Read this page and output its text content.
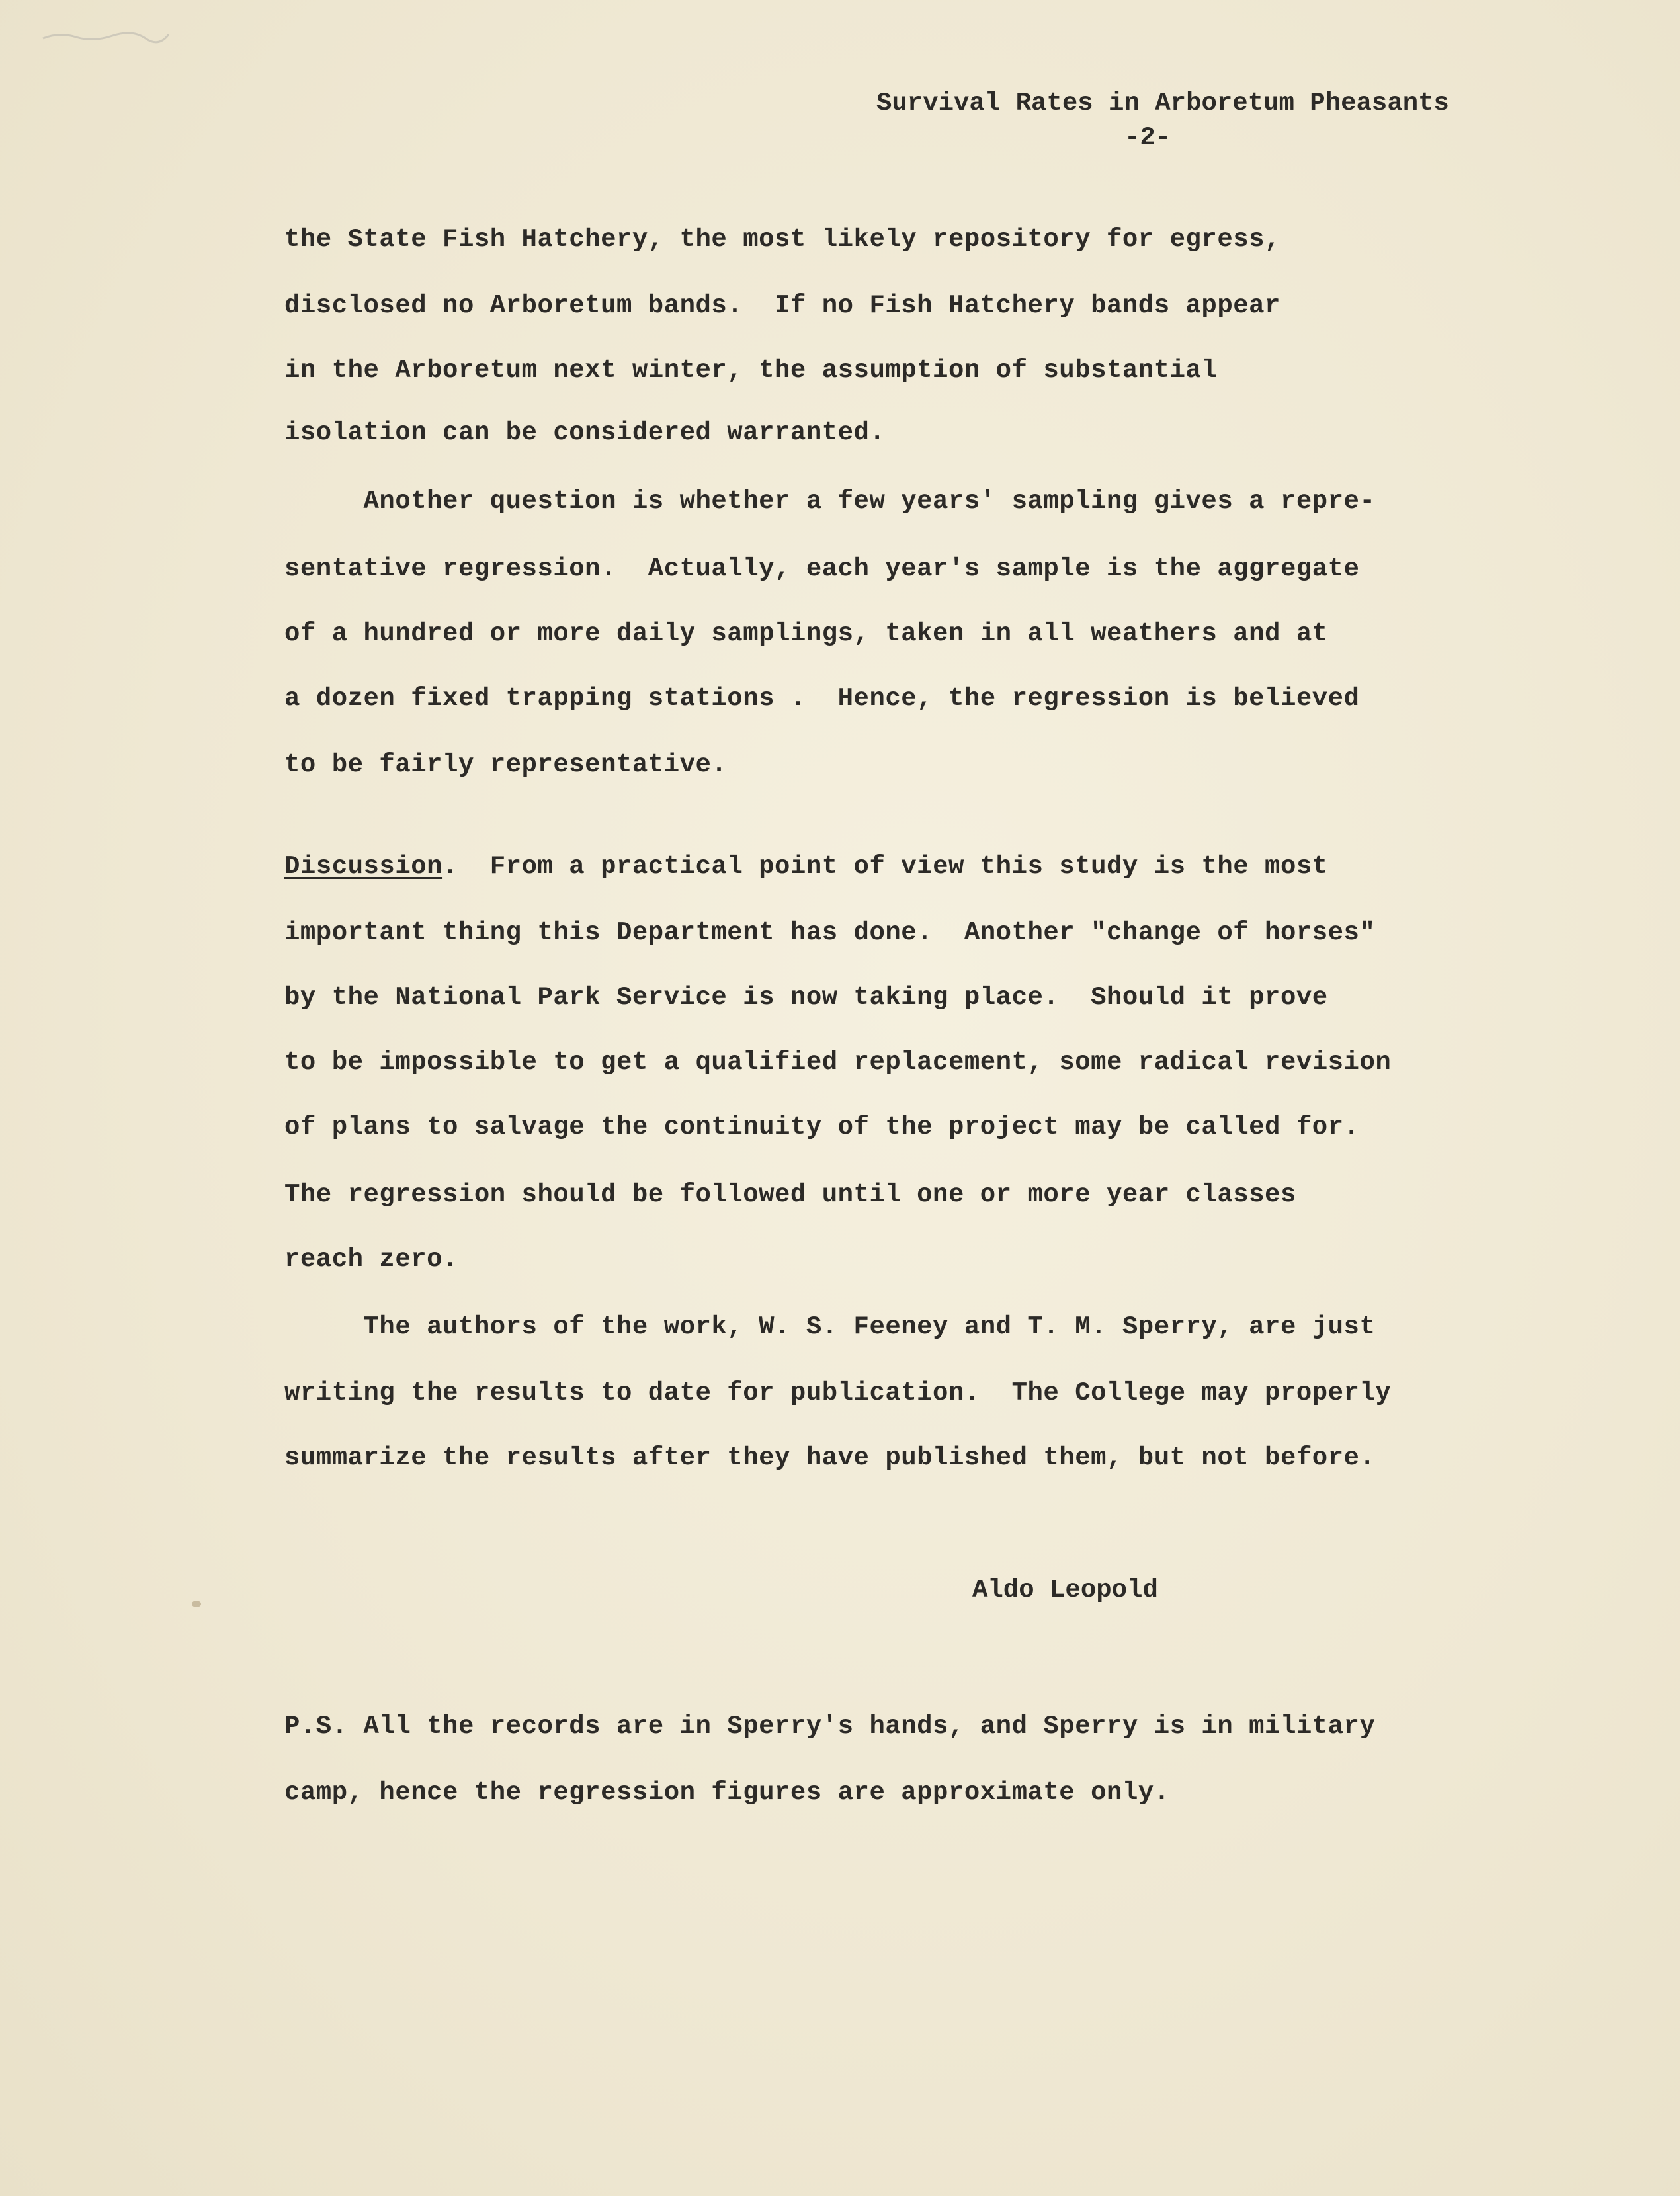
Survival Rates in Arboretum Pheasants
-2-
the State Fish Hatchery, the most likely repository for egress,
disclosed no Arboretum bands.  If no Fish Hatchery bands appear
in the Arboretum next winter, the assumption of substantial
isolation can be considered warranted.
Another question is whether a few years' sampling gives a repre-
sentative regression.  Actually, each year's sample is the aggregate
of a hundred or more daily samplings, taken in all weathers and at
a dozen fixed trapping stations .  Hence, the regression is believed
to be fairly representative.
Discussion.  From a practical point of view this study is the most
important thing this Department has done.  Another "change of horses"
by the National Park Service is now taking place.  Should it prove
to be impossible to get a qualified replacement, some radical revision
of plans to salvage the continuity of the project may be called for.
The regression should be followed until one or more year classes
reach zero.
The authors of the work, W. S. Feeney and T. M. Sperry, are just
writing the results to date for publication.  The College may properly
summarize the results after they have published them, but not before.
Aldo Leopold
P.S. All the records are in Sperry's hands, and Sperry is in military
camp, hence the regression figures are approximate only.
